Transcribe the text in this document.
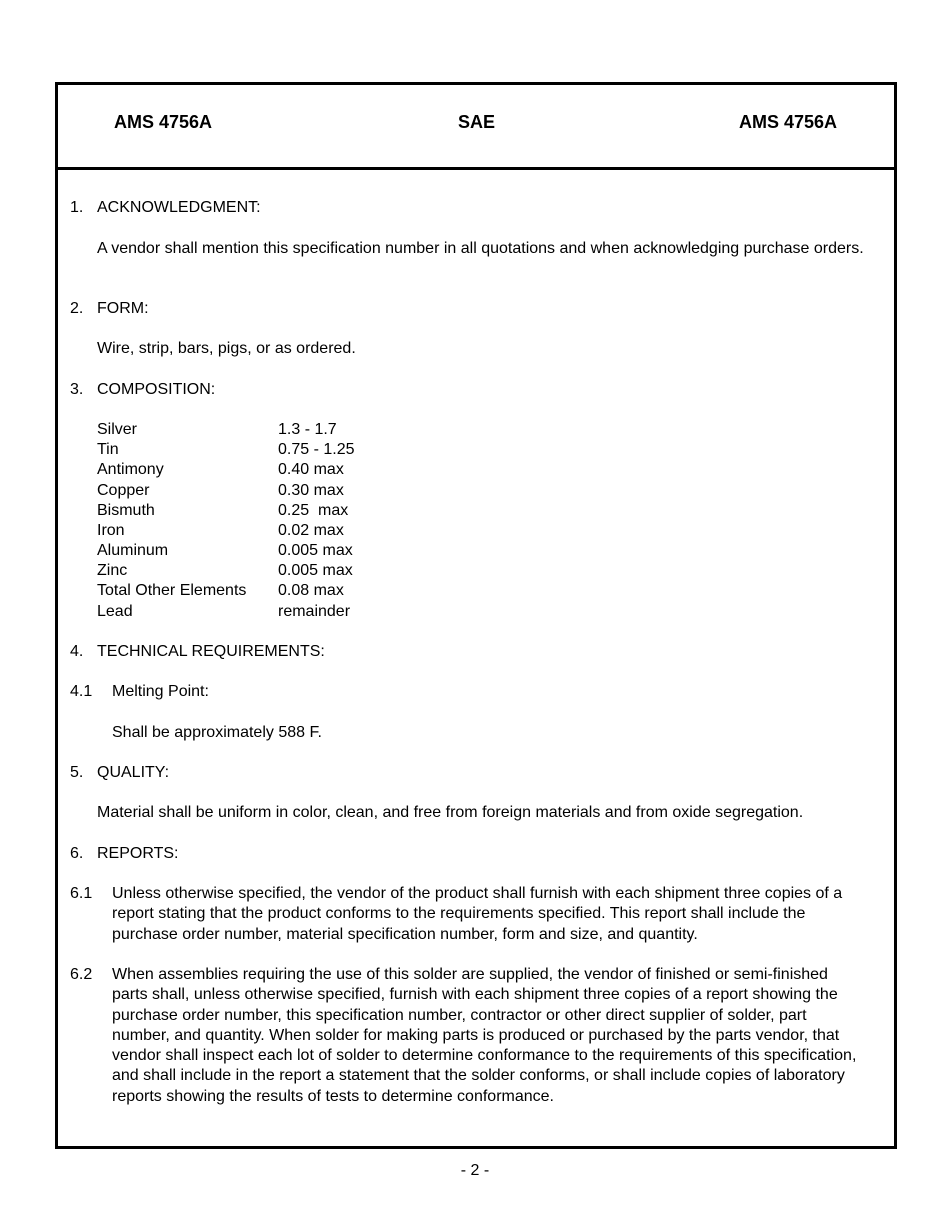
AMS 4756A	SAE	AMS 4756A
1. ACKNOWLEDGMENT:
A vendor shall mention this specification number in all quotations and when acknowledging purchase orders.
2. FORM:
Wire, strip, bars, pigs, or as ordered.
3. COMPOSITION:
Silver	1.3 - 1.7
Tin	0.75 - 1.25
Antimony	0.40 max
Copper	0.30 max
Bismuth	0.25  max
Iron	0.02 max
Aluminum	0.005 max
Zinc	0.005 max
Total Other Elements 0.08 max
Lead	remainder
4. TECHNICAL REQUIREMENTS:
4.1 Melting Point:
Shall be approximately 588 F.
5. QUALITY:
Material shall be uniform in color, clean, and free from foreign materials and from oxide segregation.
6. REPORTS:
6.1 Unless otherwise specified, the vendor of the product shall furnish with each shipment three copies of a report stating that the product conforms to the requirements specified. This report shall include the purchase order number, material specification number, form and size, and quantity.
6.2 When assemblies requiring the use of this solder are supplied, the vendor of finished or semi-finished parts shall, unless otherwise specified, furnish with each shipment three copies of a report showing the purchase order number, this specification number, contractor or other direct supplier of solder, part number, and quantity. When solder for making parts is produced or purchased by the parts vendor, that vendor shall inspect each lot of solder to determine conformance to the requirements of this specification, and shall include in the report a statement that the solder conforms, or shall include copies of laboratory reports showing the results of tests to determine conformance.
- 2 -
